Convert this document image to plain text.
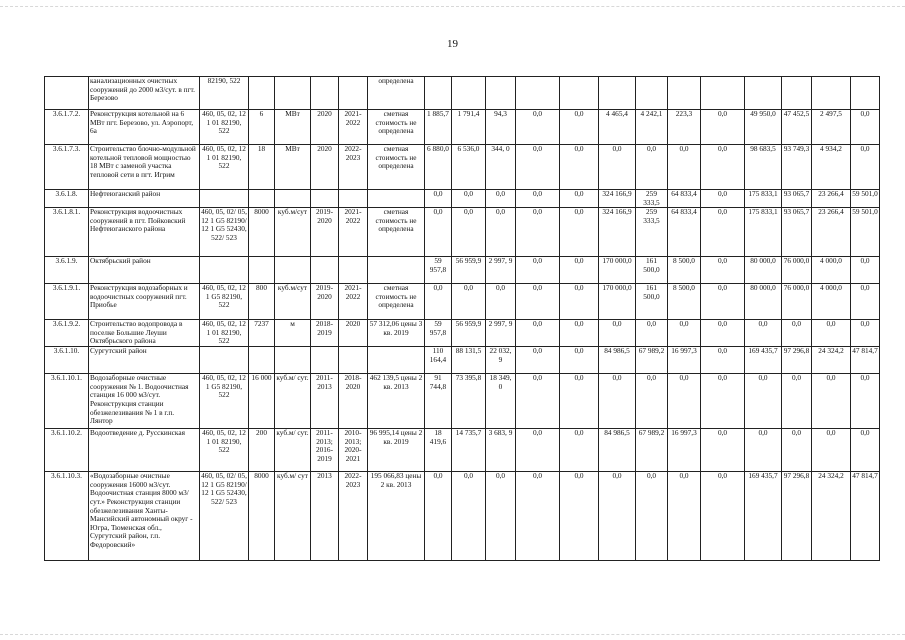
19
	канализационных очистных сооружений до 2000 м3/сут. в пгт. Березово	82190, 522					определена													
3.6.1.7.2.	Реконструкция котельной на 6 МВт пгт. Березово, ул. Аэропорт, 6а	460, 05, 02, 12 1 01 82190, 522	6	МВт	2020	2021-2022	сметная стоимость не определена	1 885,7	1 791,4	94,3	0,0	0,0	4 465,4	4 242,1	223,3	0,0	49 950,0	47 452,5	2 497,5	0,0
3.6.1.7.3.	Строительство блочно-модульной котельной тепловой мощностью 18 МВт с заменой участка тепловой сети в пгт. Игрим	460, 05, 02, 12 1 01 82190, 522	18	МВт	2020	2022-2023	сметная стоимость не определена	6 880,0	6 536,0	344, 0	0,0	0,0	0,0	0,0	0,0	0,0	98 683,5	93 749,3	4 934,2	0,0
3.6.1.8.	Нефтеюганский район							0,0	0,0	0,0	0,0	0,0	324 166,9	259 333,5	64 833,4	0,0	175 833,1	93 065,7	23 266,4	59 501,0
3.6.1.8.1.	Реконструкция водоочистных сооружений в пгт. Пойковский Нефтеюганского района	460, 05, 02/ 05, 12 1 G5 82190/ 12 1 G5 52430, 522/ 523	8000	куб.м/сут	2019-2020	2021-2022	сметная стоимость не определена	0,0	0,0	0,0	0,0	0,0	324 166,9	259 333,5	64 833,4	0,0	175 833,1	93 065,7	23 266,4	59 501,0
3.6.1.9.	Октябрьский район							59 957,8	56 959,9	2 997, 9	0,0	0,0	170 000,0	161 500,0	8 500,0	0,0	80 000,0	76 000,0	4 000,0	0,0
3.6.1.9.1.	Реконструкция водозаборных и водоочистных сооружений пгт. Приобье	460, 05, 02, 12 1 G5 82190, 522	800	куб.м/сут	2019-2020	2021-2022	сметная стоимость не определена	0,0	0,0	0,0	0,0	0,0	170 000,0	161 500,0	8 500,0	0,0	80 000,0	76 000,0	4 000,0	0,0
3.6.1.9.2.	Строительство водопровода в поселке Большие Леуши Октябрьского района	460, 05, 02, 12 1 01 82190, 522	7237	м	2018-2019	2020	57 312,06 цены 3 кв. 2019	59 957,8	56 959,9	2 997, 9	0,0	0,0	0,0	0,0	0,0	0,0	0,0	0,0	0,0	0,0
3.6.1.10.	Сургутский район							110 164,4	88 131,5	22 032, 9	0,0	0,0	84 986,5	67 989,2	16 997,3	0,0	169 435,7	97 296,8	24 324,2	47 814,7
3.6.1.10.1.	Водозаборные очистные сооружения № 1. Водоочистная станция 16 000 м3/сут. Реконструкция станции обезжелезивания № 1 в г.п. Лянтор	460, 05, 02, 12 1 G5 82190, 522	16 000	куб.м/ сут.	2011-2013	2018-2020	462 139,5 цены 2 кв. 2013	91 744,8	73 395,8	18 349, 0	0,0	0,0	0,0	0,0	0,0	0,0	0,0	0,0	0,0	0,0
3.6.1.10.2.	Водоотведение д. Русскинская	460, 05, 02, 12 1 01 82190, 522	200	куб.м/ сут.	2011-2013; 2016-2019	2010-2013; 2020-2021	96 995,14 цены 2 кв. 2019	18 419,6	14 735,7	3 683, 9	0,0	0,0	84 986,5	67 989,2	16 997,3	0,0	0,0	0,0	0,0	0,0
3.6.1.10.3.	«Водозаборные очистные сооружения 16000 м3/сут. Водоочистная станция 8000 м3/сут.» Реконструкция станции обезжелезивания Ханты-Мансийский автономный округ - Югра, Тюменская обл., Сургутский район, г.п. Федоровский»	460, 05, 02/ 05, 12 1 G5 82190/ 12 1 G5 52430, 522/ 523	8000	куб.м/ сут	2013	2022-2023	195 066,83 цены 2 кв. 2013	0,0	0,0	0,0	0,0	0,0	0,0	0,0	0,0	0,0	169 435,7	97 296,8	24 324,2	47 814,7
